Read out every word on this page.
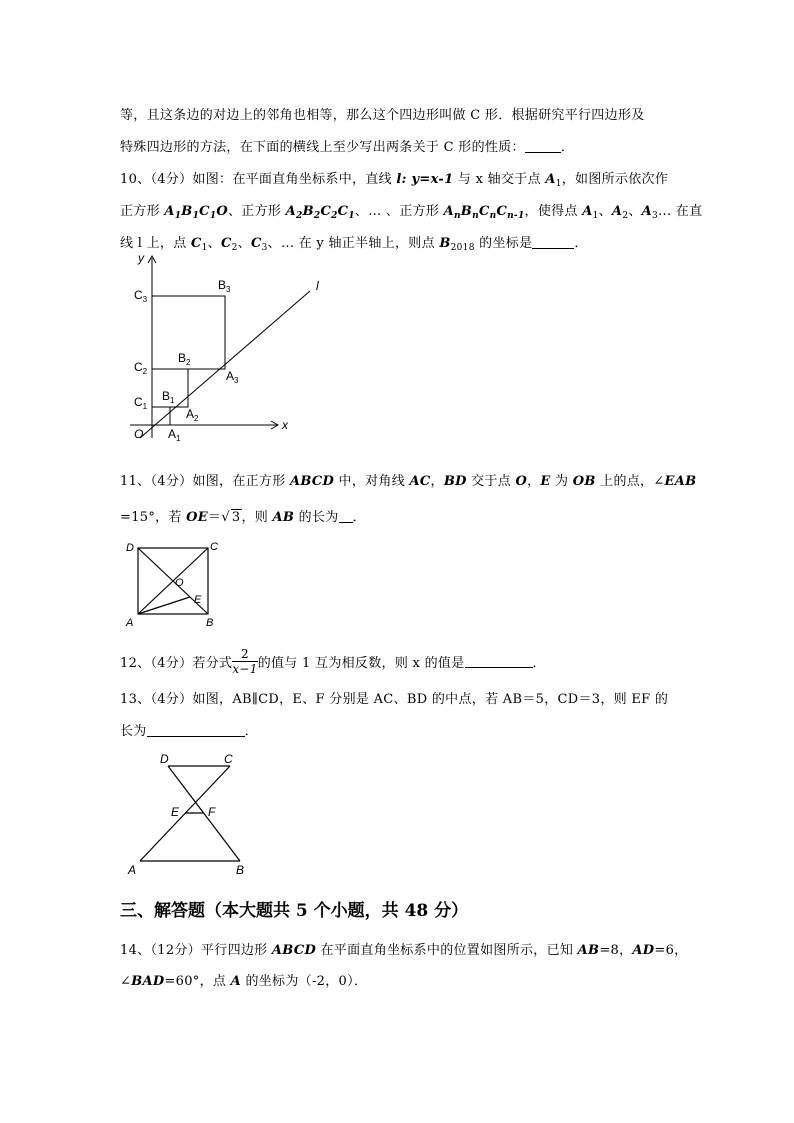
等，且这条边的对边上的邻角也相等，那么这个四边形叫做 C 形．根据研究平行四边形及
特殊四边形的方法，在下面的横线上至少写出两条关于 C 形的性质：	．
10、（4分）如图：在平面直角坐标系中，直线 l: y=x-1 与 x 轴交于点 $A_1$，如图所示依次作
正方形 $A_1B_1C_1O$、正方形 $A_2B_2C_2C_1$、... 、正方形 $A_nB_nC_nC_{n-1}$，使得点 $A_1$、$A_2$、$A_3$... 在直
线 l 上，点 $C_1$、$C_2$、$C_3$、... 在 y 轴正半轴上，则点 $B_{2018}$ 的坐标是	．
y
x
l
O
$C_1$
$C_2$
$C_3$
$B_1$
$B_2$
$B_3$
$A_1$
$A_2$
$A_3$
11、（4分）如图，在正方形 ABCD 中，对角线 AC，BD 交于点 O，E 为 OB 上的点，∠EAB
=15°，若 OE＝√ 3，则 AB 的长为 ．
D	C
O
E
A	B
12、（4分）若分式 $\frac{2}{x-1}$ 的值与 1 互为相反数，则 x 的值是	．
13、（4分）如图，AB∥CD，E、F 分别是 AC、BD 的中点，若 AB＝5，CD＝3，则 EF 的
长为	．
D	C
E F
A	B
三、解答题（本大题共 5 个小题，共 48 分）
14、（12分）平行四边形 ABCD 在平面直角坐标系中的位置如图所示，已知 AB=8，AD=6，
∠BAD=60°，点 A 的坐标为（-2，0）．
